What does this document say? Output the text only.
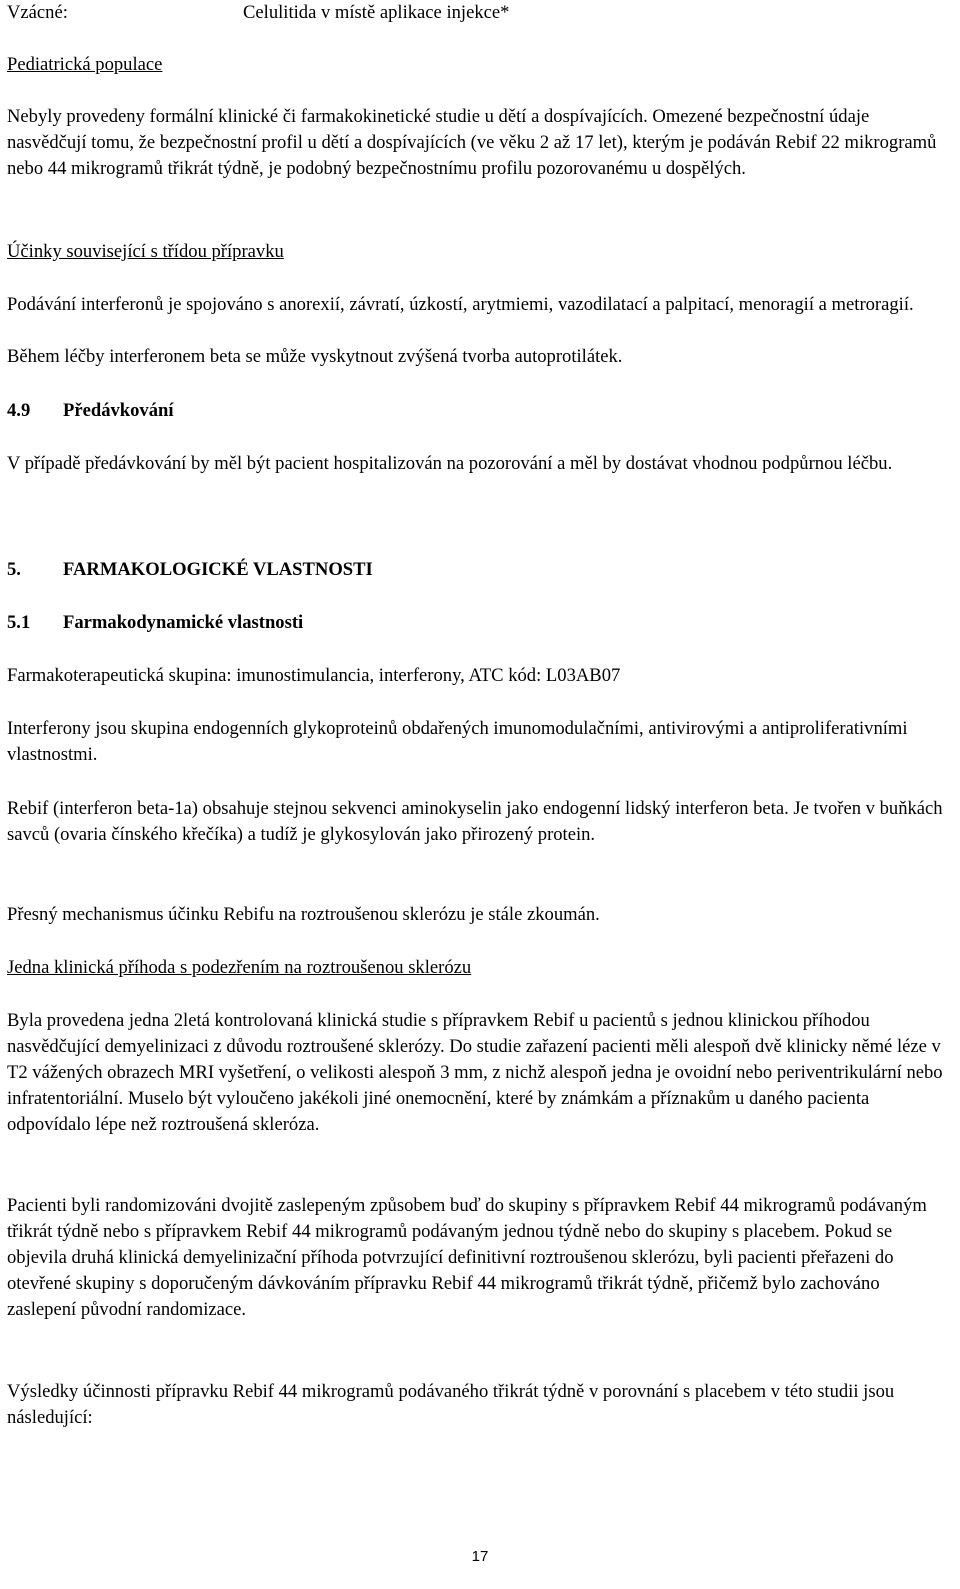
Vzácné:	Celulitida v místě aplikace injekce*

Pediatrická populace

Nebyly provedeny formální klinické či farmakokinetické studie u dětí a dospívajících. Omezené bezpečnostní údaje nasvědčují tomu, že bezpečnostní profil u dětí a dospívajících (ve věku 2 až 17 let), kterým je podáván Rebif 22 mikrogramů nebo 44 mikrogramů třikrát týdně, je podobný bezpečnostnímu profilu pozorovanému u dospělých.

Účinky související s třídou přípravku

Podávání interferonů je spojováno s anorexií, závratí, úzkostí, arytmiemi, vazodilatací a palpitací, menoragií a metroragií.

Během léčby interferonem beta se může vyskytnout zvýšená tvorba autoprotilátek.

4.9 Předávkování

V případě předávkování by měl být pacient hospitalizován na pozorování a měl by dostávat vhodnou podpůrnou léčbu.

5. FARMAKOLOGICKÉ VLASTNOSTI

5.1 Farmakodynamické vlastnosti

Farmakoterapeutická skupina: imunostimulancia, interferony, ATC kód: L03AB07

Interferony jsou skupina endogenních glykoproteinů obdařených imunomodulačními, antivirovými a antiproliferativními vlastnostmi.

Rebif (interferon beta-1a) obsahuje stejnou sekvenci aminokyselin jako endogenní lidský interferon beta. Je tvořen v buňkách savců (ovaria čínského křečíka) a tudíž je glykosylován jako přirozený protein.

Přesný mechanismus účinku Rebifu na roztroušenou sklerózu je stále zkoumán.

Jedna klinická příhoda s podezřením na roztroušenou sklerózu

Byla provedena jedna 2letá kontrolovaná klinická studie s přípravkem Rebif u pacientů s jednou klinickou příhodou nasvědčující demyelinizaci z důvodu roztroušené sklerózy. Do studie zařazení pacienti měli alespoň dvě klinicky němé léze v T2 vážených obrazech MRI vyšetření, o velikosti alespoň 3 mm, z nichž alespoň jedna je ovoidní nebo periventrikulární nebo infratentoriální. Muselo být vyloučeno jakékoli jiné onemocnění, které by známkám a příznakům u daného pacienta odpovídalo lépe než roztroušená skleróza.

Pacienti byli randomizováni dvojitě zaslepeným způsobem buď do skupiny s přípravkem Rebif 44 mikrogramů podávaným třikrát týdně nebo s přípravkem Rebif 44 mikrogramů podávaným jednou týdně nebo do skupiny s placebem. Pokud se objevila druhá klinická demyelinizační příhoda potvrzující definitivní roztroušenou sklerózu, byli pacienti přeřazeni do otevřené skupiny s doporučeným dávkováním přípravku Rebif 44 mikrogramů třikrát týdně, přičemž bylo zachováno zaslepení původní randomizace.

Výsledky účinnosti přípravku Rebif 44 mikrogramů podávaného třikrát týdně v porovnání s placebem v této studii jsou následující:

17
